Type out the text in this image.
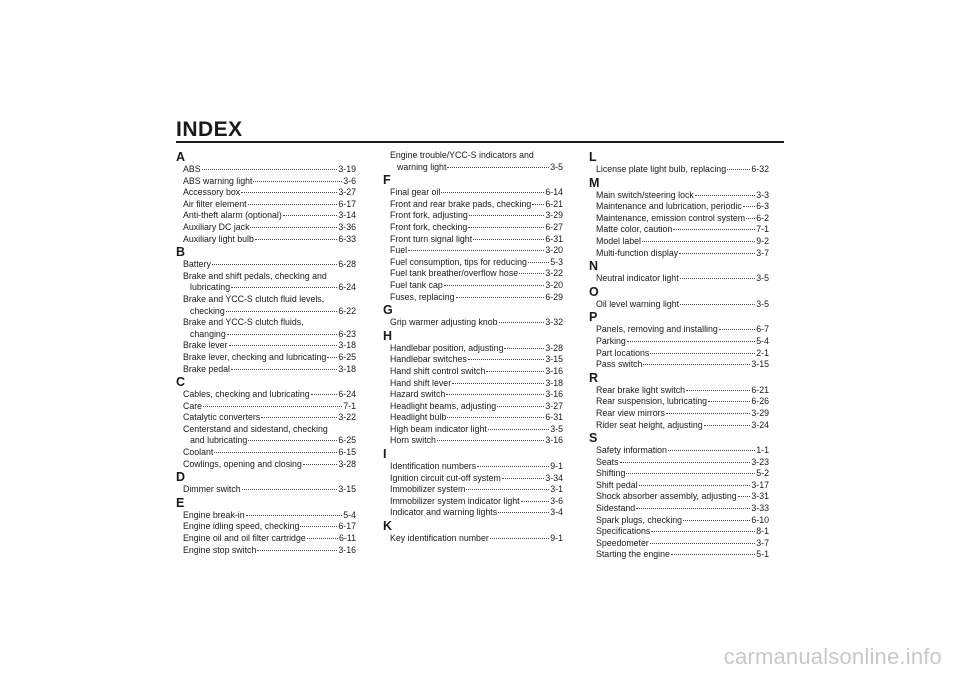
INDEX
A
ABS	3-19
ABS warning light	3-6
Accessory box	3-27
Air filter element	6-17
Anti-theft alarm (optional)	3-14
Auxiliary DC jack	3-36
Auxiliary light bulb	6-33
B
Battery	6-28
Brake and shift pedals, checking and
lubricating	6-24
Brake and YCC-S clutch fluid levels,
checking	6-22
Brake and YCC-S clutch fluids,
changing	6-23
Brake lever	3-18
Brake lever, checking and lubricating 6-25
Brake pedal	3-18
C
Cables, checking and lubricating	6-24
Care	7-1
Catalytic converters	3-22
Centerstand and sidestand, checking
and lubricating	6-25
Coolant	6-15
Cowlings, opening and closing	3-28
D
Dimmer switch	3-15
E
Engine break-in	5-4
Engine idling speed, checking	6-17
Engine oil and oil filter cartridge	6-11
Engine stop switch	3-16
Engine trouble/YCC-S indicators and
warning light	3-5
F
Final gear oil	6-14
Front and rear brake pads, checking 6-21
Front fork, adjusting	3-29
Front fork, checking	6-27
Front turn signal light	6-31
Fuel	3-20
Fuel consumption, tips for reducing	5-3
Fuel tank breather/overflow hose	3-22
Fuel tank cap	3-20
Fuses, replacing	6-29
G
Grip warmer adjusting knob	3-32
H
Handlebar position, adjusting	3-28
Handlebar switches	3-15
Hand shift control switch	3-16
Hand shift lever	3-18
Hazard switch	3-16
Headlight beams, adjusting	3-27
Headlight bulb	6-31
High beam indicator light	3-5
Horn switch	3-16
I
Identification numbers	9-1
Ignition circuit cut-off system	3-34
Immobilizer system	3-1
Immobilizer system indicator light	3-6
Indicator and warning lights	3-4
K
Key identification number	9-1
L
License plate light bulb, replacing	6-32
M
Main switch/steering lock	3-3
Maintenance and lubrication, periodic 6-3
Maintenance, emission control system 6-2
Matte color, caution	7-1
Model label	9-2
Multi-function display	3-7
N
Neutral indicator light	3-5
O
Oil level warning light	3-5
P
Panels, removing and installing	6-7
Parking	5-4
Part locations	2-1
Pass switch	3-15
R
Rear brake light switch	6-21
Rear suspension, lubricating	6-26
Rear view mirrors	3-29
Rider seat height, adjusting	3-24
S
Safety information	1-1
Seats	3-23
Shifting	5-2
Shift pedal	3-17
Shock absorber assembly, adjusting 3-31
Sidestand	3-33
Spark plugs, checking	6-10
Specifications	8-1
Speedometer	3-7
Starting the engine	5-1
carmanualsonline.info
